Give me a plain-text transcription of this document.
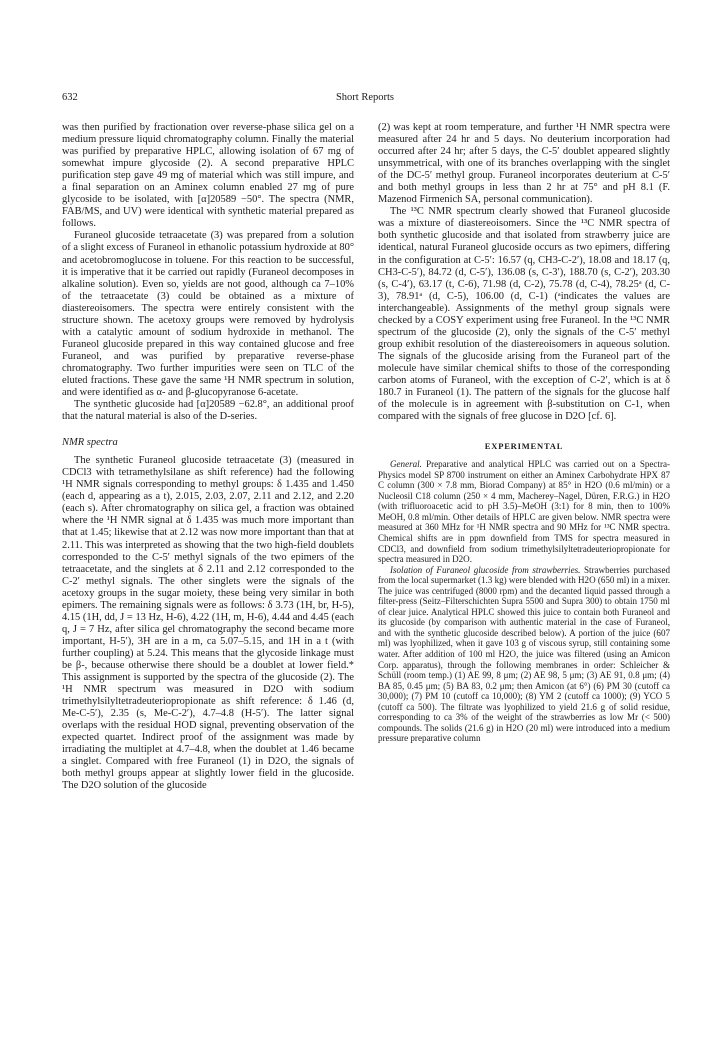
632	Short Reports

was then purified by fractionation over reverse-phase silica gel on a medium pressure liquid chromatography column. Finally the material was purified by preparative HPLC, allowing isolation of 67 mg of somewhat impure glycoside (2). A second preparative HPLC purification step gave 49 mg of material which was still impure, and a final separation on an Aminex column enabled 27 mg of pure glycoside to be isolated, with [α]20589 −50°. The spectra (NMR, FAB/MS, and UV) were identical with synthetic material prepared as follows.

Furaneol glucoside tetraacetate (3) was prepared from a solution of a slight excess of Furaneol in ethanolic potassium hydroxide at 80° and acetobromoglucose in toluene. For this reaction to be successful, it is imperative that it be carried out rapidly (Furaneol decomposes in alkaline solution). Even so, yields are not good, although ca 7–10% of the tetraacetate (3) could be obtained as a mixture of diastereoisomers. The spectra were entirely consistent with the structure shown. The acetoxy groups were removed by hydrolysis with a catalytic amount of sodium hydroxide in methanol. The Furaneol glucoside prepared in this way contained glucose and free Furaneol, and was purified by preparative reverse-phase chromatography. Two further impurities were seen on TLC of the eluted fractions. These gave the same ¹H NMR spectrum in solution, and were identified as α- and β-glucopyranose 6-acetate.

The synthetic glucoside had [α]20589 −62.8°, an additional proof that the natural material is also of the D-series.

NMR spectra

The synthetic Furaneol glucoside tetraacetate (3) (measured in CDCl3 with tetramethylsilane as shift reference) had the following ¹H NMR signals corresponding to methyl groups: δ 1.435 and 1.450 (each d, appearing as a t), 2.015, 2.03, 2.07, 2.11 and 2.12, and 2.20 (each s). After chromatography on silica gel, a fraction was obtained where the ¹H NMR signal at δ 1.435 was much more important than that at 1.45; likewise that at 2.12 was now more important than that at 2.11. This was interpreted as showing that the two high-field doublets corresponded to the C-5′ methyl signals of the two epimers of the tetraacetate, and the singlets at δ 2.11 and 2.12 corresponded to the C-2′ methyl signals. The other singlets were the signals of the acetoxy groups in the sugar moiety, these being very similar in both epimers. The remaining signals were as follows: δ 3.73 (1H, br, H-5), 4.15 (1H, dd, J = 13 Hz, H-6), 4.22 (1H, m, H-6), 4.44 and 4.45 (each q, J = 7 Hz, after silica gel chromatography the second became more important, H-5′), 3H are in a m, ca 5.07–5.15, and 1H in a t (with further coupling) at 5.24. This means that the glycoside linkage must be β-, because otherwise there should be a doublet at lower field.* This assignment is supported by the spectra of the glucoside (2). The ¹H NMR spectrum was measured in D2O with sodium trimethylsilyltetradeuteriopropionate as shift reference: δ 1.46 (d, Me-C-5′), 2.35 (s, Me-C-2′), 4.7–4.8 (H-5′). The latter signal overlaps with the residual HOD signal, preventing observation of the expected quartet. Indirect proof of the assignment was made by irradiating the multiplet at 4.7–4.8, when the doublet at 1.46 became a singlet. Compared with free Furaneol (1) in D2O, the signals of both methyl groups appear at slightly lower field in the glucoside. The D2O solution of the glucoside

(2) was kept at room temperature, and further ¹H NMR spectra were measured after 24 hr and 5 days. No deuterium incorporation had occurred after 24 hr; after 5 days, the C-5′ doublet appeared slightly unsymmetrical, with one of its branches overlapping with the singlet of the DC-5′ methyl group. Furaneol incorporates deuterium at C-5′ and both methyl groups in less than 2 hr at 75° and pH 8.1 (F. Mazenod Firmenich SA, personal communication).

The ¹³C NMR spectrum clearly showed that Furaneol glucoside was a mixture of diastereoisomers. Since the ¹³C NMR spectra of both synthetic glucoside and that isolated from strawberry juice are identical, natural Furaneol glucoside occurs as two epimers, differing in the configuration at C-5′: 16.57 (q, CH3-C-2′), 18.08 and 18.17 (q, CH3-C-5′), 84.72 (d, C-5′), 136.08 (s, C-3′), 188.70 (s, C-2′), 203.30 (s, C-4′), 63.17 (t, C-6), 71.98 (d, C-2), 75.78 (d, C-4), 78.25ᵃ (d, C-3), 78.91ᵃ (d, C-5), 106.00 (d, C-1) (ᵃindicates the values are interchangeable). Assignments of the methyl group signals were checked by a COSY experiment using free Furaneol. In the ¹³C NMR spectrum of the glucoside (2), only the signals of the C-5′ methyl group exhibit resolution of the diastereoisomers in aqueous solution. The signals of the glucoside arising from the Furaneol part of the molecule have similar chemical shifts to those of the corresponding carbon atoms of Furaneol, with the exception of C-2′, which is at δ 180.7 in Furaneol (1). The pattern of the signals for the glucose half of the molecule is in agreement with β-substitution on C-1, when compared with the signals of free glucose in D2O [cf. 6].

EXPERIMENTAL

General. Preparative and analytical HPLC was carried out on a Spectra-Physics model SP 8700 instrument on either an Aminex Carbohydrate HPX 87 C column (300 × 7.8 mm, Biorad Company) at 85° in H2O (0.6 ml/min) or a Nucleosil C18 column (250 × 4 mm, Macherey–Nagel, Düren, F.R.G.) in H2O (with trifluoroacetic acid to pH 3.5)–MeOH (3:1) for 8 min, then to 100% MeOH, 0.8 ml/min. Other details of HPLC are given below. NMR spectra were measured at 360 MHz for ¹H NMR spectra and 90 MHz for ¹³C NMR spectra. Chemical shifts are in ppm downfield from TMS for spectra measured in CDCl3, and downfield from sodium trimethylsilyltetradeuteriopropionate for spectra measured in D2O.

Isolation of Furaneol glucoside from strawberries. Strawberries purchased from the local supermarket (1.3 kg) were blended with H2O (650 ml) in a mixer. The juice was centrifuged (8000 rpm) and the decanted liquid passed through a filter-press (Seitz–Filterschichten Supra 5500 and Supra 300) to obtain 1750 ml of clear juice. Analytical HPLC showed this juice to contain both Furaneol and its glucoside (by comparison with authentic material in the case of Furaneol, and with the synthetic glucoside described below). A portion of the juice (607 ml) was lyophilized, when it gave 103 g of viscous syrup, still containing some water. After addition of 100 ml H2O, the juice was filtered (using an Amicon Corp. apparatus), through the following membranes in order: Schleicher & Schüll (room temp.) (1) AE 99, 8 μm; (2) AE 98, 5 μm; (3) AE 91, 0.8 μm; (4) BA 85, 0.45 μm; (5) BA 83, 0.2 μm; then Amicon (at 6°) (6) PM 30 (cutoff ca 30,000); (7) PM 10 (cutoff ca 10,000); (8) YM 2 (cutoff ca 1000); (9) YCO 5 (cutoff ca 500). The filtrate was lyophilized to yield 21.6 g of solid residue, corresponding to ca 3% of the weight of the strawberries as low Mr (< 500) compounds. The solids (21.6 g) in H2O (20 ml) were introduced into a medium pressure preparative column
